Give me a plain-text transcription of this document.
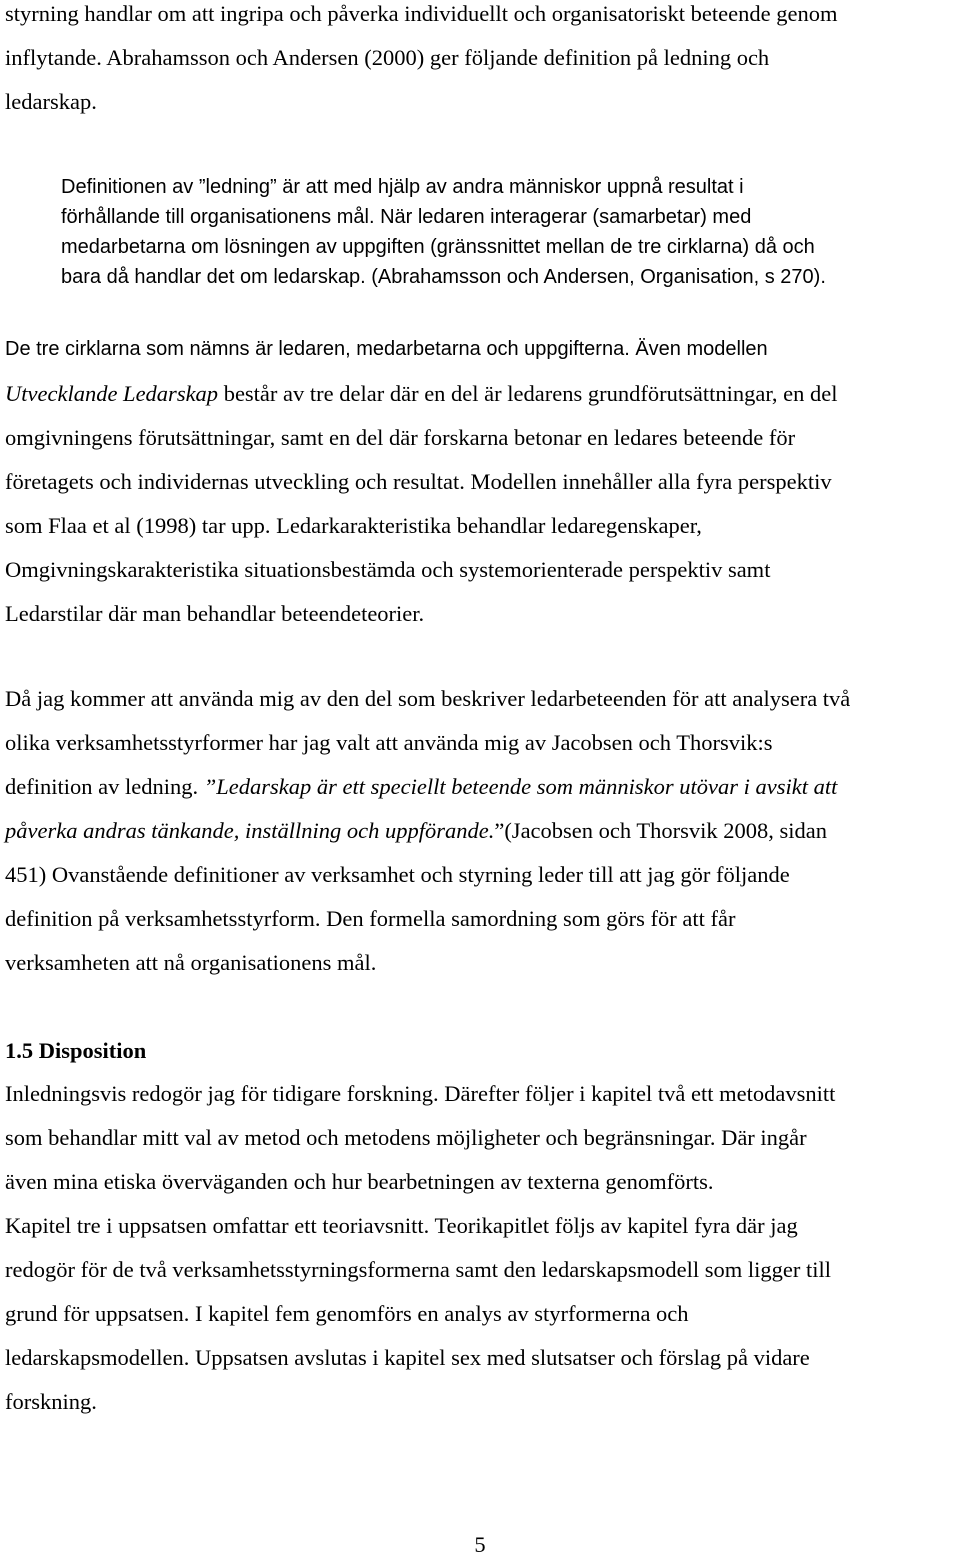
styrning handlar om att ingripa och påverka individuellt och organisatoriskt beteende genom
inflytande. Abrahamsson och Andersen (2000) ger följande definition på ledning och
ledarskap.
Definitionen av ”ledning” är att med hjälp av andra människor uppnå resultat i
förhållande till organisationens mål. När ledaren interagerar (samarbetar) med
medarbetarna om lösningen av uppgiften (gränssnittet mellan de tre cirklarna) då och
bara då handlar det om ledarskap. (Abrahamsson och Andersen, Organisation, s 270).
De tre cirklarna som nämns är ledaren, medarbetarna och uppgifterna. Även modellen
Utvecklande Ledarskap består av tre delar där en del är ledarens grundförutsättningar, en del
omgivningens förutsättningar, samt en del där forskarna betonar en ledares beteende för
företagets och individernas utveckling och resultat. Modellen innehåller alla fyra perspektiv
som Flaa et al (1998) tar upp. Ledarkarakteristika behandlar ledaregenskaper,
Omgivningskarakteristika situationsbestämda och systemorienterade perspektiv samt
Ledarstilar där man behandlar beteendeteorier.
Då jag kommer att använda mig av den del som beskriver ledarbeteenden för att analysera två
olika verksamhetsstyrformer har jag valt att använda mig av Jacobsen och Thorsvik:s
definition av ledning. ”Ledarskap är ett speciellt beteende som människor utövar i avsikt att
påverka andras tänkande, inställning och uppförande.”(Jacobsen och Thorsvik 2008, sidan
451) Ovanstående definitioner av verksamhet och styrning leder till att jag gör följande
definition på verksamhetsstyrform. Den formella samordning som görs för att får
verksamheten att nå organisationens mål.
1.5 Disposition
Inledningsvis redogör jag för tidigare forskning. Därefter följer i kapitel två ett metodavsnitt
som behandlar mitt val av metod och metodens möjligheter och begränsningar. Där ingår
även mina etiska överväganden och hur bearbetningen av texterna genomförts.
Kapitel tre i uppsatsen omfattar ett teoriavsnitt. Teorikapitlet följs av kapitel fyra där jag
redogör för de två verksamhetsstyrningsformerna samt den ledarskapsmodell som ligger till
grund för uppsatsen. I kapitel fem genomförs en analys av styrformerna och
ledarskapsmodellen. Uppsatsen avslutas i kapitel sex med slutsatser och förslag på vidare
forskning.
5
